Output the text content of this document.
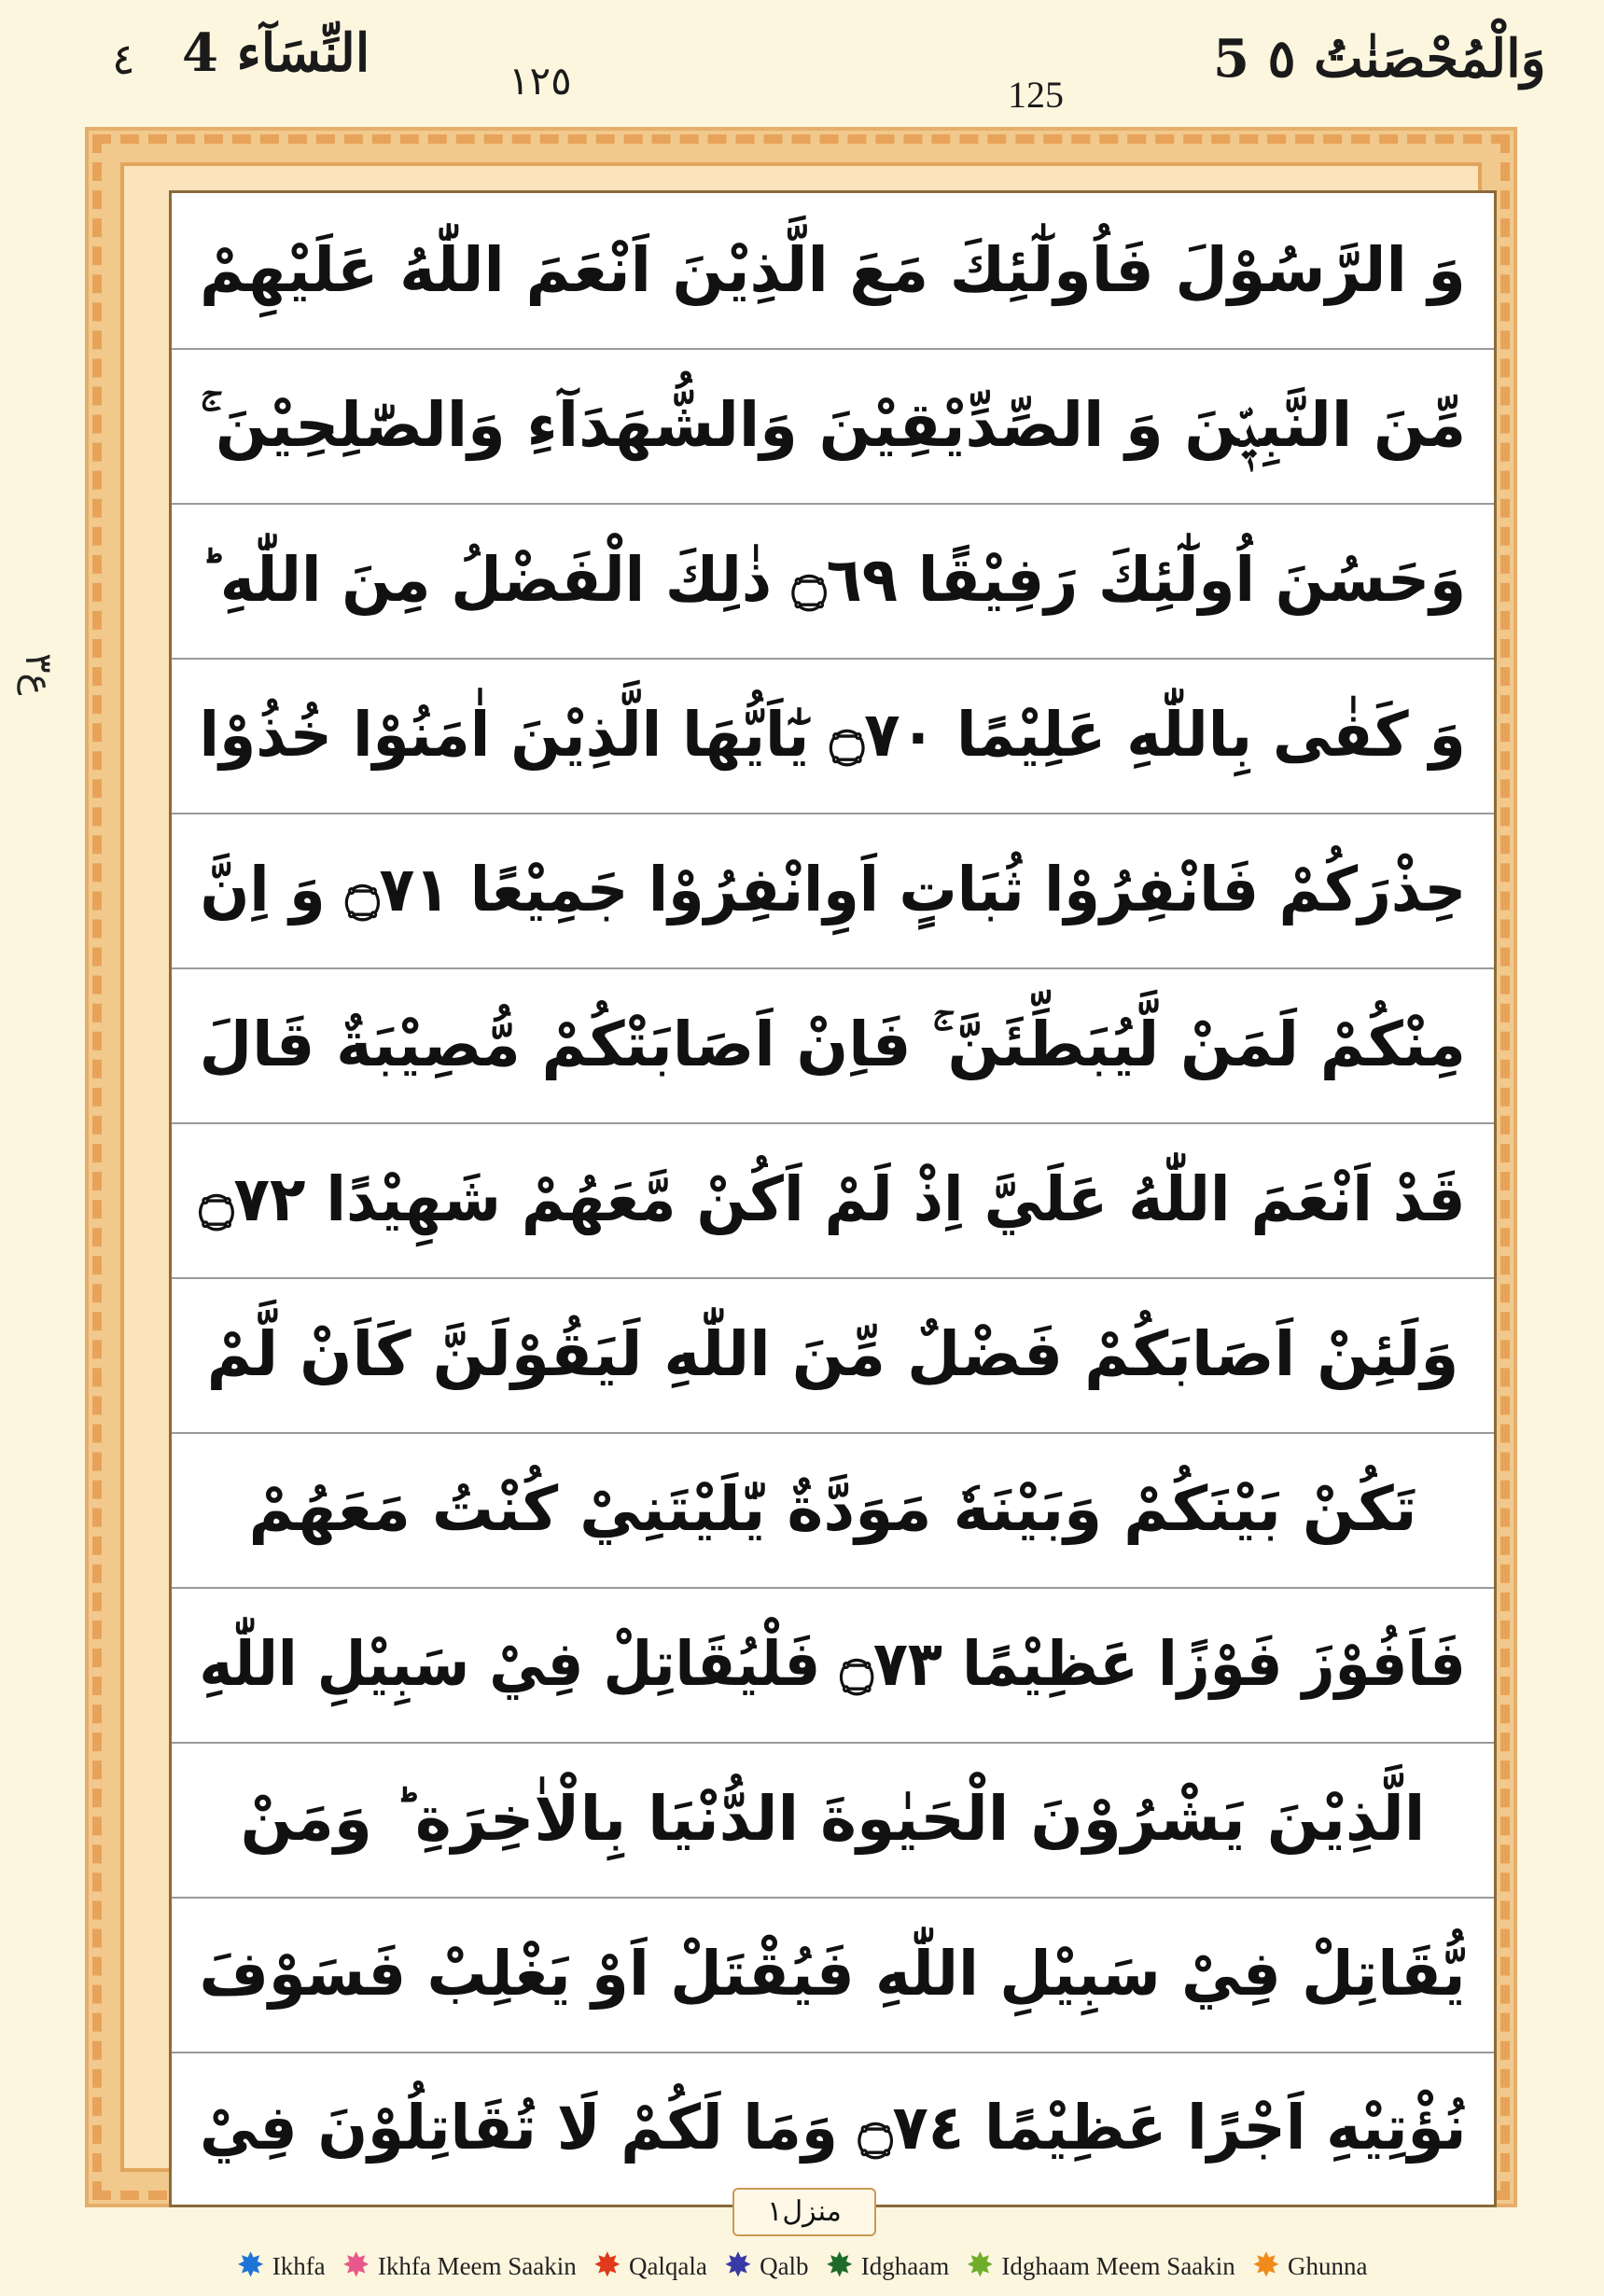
٤ 4 النِّسَآء	١٢٥	125
5 وَالْمُحْصَنٰتُ ٥
ع٣
وَ الرَّسُوْلَ فَاُولٰٓئِكَ مَعَ الَّذِيْنَ اَنْعَمَ اللّٰهُ عَلَيْهِمْ
مِّنَ النَّبِيّٖنَ وَ الصِّدِّيْقِيْنَ وَالشُّهَدَآءِ وَالصّٰلِحِيْنَ ۚ
وَحَسُنَ اُولٰٓئِكَ رَفِيْقًا ۝٦٩ ذٰلِكَ الْفَضْلُ مِنَ اللّٰهِ ؕ
وَ كَفٰى بِاللّٰهِ عَلِيْمًا ۝٧٠ يٰٓاَيُّهَا الَّذِيْنَ اٰمَنُوْا خُذُوْا
حِذْرَكُمْ فَانْفِرُوْا ثُبَاتٍ اَوِانْفِرُوْا جَمِيْعًا ۝٧١ وَ اِنَّ
مِنْكُمْ لَمَنْ لَّيُبَطِّئَنَّ ۚ فَاِنْ اَصَابَتْكُمْ مُّصِيْبَةٌ قَالَ
قَدْ اَنْعَمَ اللّٰهُ عَلَيَّ اِذْ لَمْ اَكُنْ مَّعَهُمْ شَهِيْدًا ۝٧٢
وَلَئِنْ اَصَابَكُمْ فَضْلٌ مِّنَ اللّٰهِ لَيَقُوْلَنَّ كَاَنْ لَّمْ
تَكُنْ بَيْنَكُمْ وَبَيْنَهٗ مَوَدَّةٌ يّٰلَيْتَنِيْ كُنْتُ مَعَهُمْ
فَاَفُوْزَ فَوْزًا عَظِيْمًا ۝٧٣ فَلْيُقَاتِلْ فِيْ سَبِيْلِ اللّٰهِ
الَّذِيْنَ يَشْرُوْنَ الْحَيٰوةَ الدُّنْيَا بِالْاٰخِرَةِ ؕ وَمَنْ
يُّقَاتِلْ فِيْ سَبِيْلِ اللّٰهِ فَيُقْتَلْ اَوْ يَغْلِبْ فَسَوْفَ
نُؤْتِيْهِ اَجْرًا عَظِيْمًا ۝٧٤ وَمَا لَكُمْ لَا تُقَاتِلُوْنَ فِيْ
منزل١
✸ Ikhfa ✸ Ikhfa Meem Saakin ✸ Qalqala ✸ Qalb ✸ Idghaam ✸ Idghaam Meem Saakin ✸ Ghunna
